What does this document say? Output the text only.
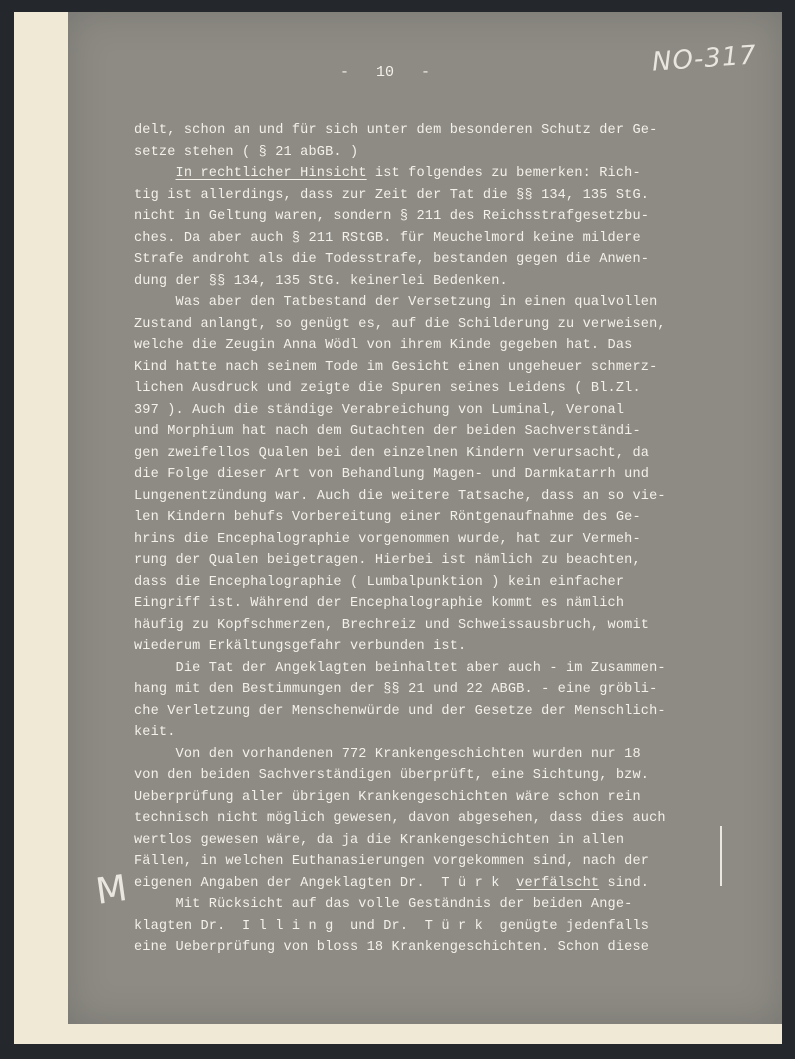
NO-317
-   10   -
delt, schon an und für sich unter dem besonderen Schutz der Ge-
setze stehen ( § 21 abGB. )
In rechtlicher Hinsicht ist folgendes zu bemerken: Rich-
tig ist allerdings, dass zur Zeit der Tat die §§ 134, 135 StG.
nicht in Geltung waren, sondern § 211 des Reichsstrafgesetzbu-
ches. Da aber auch § 211 RStGB. für Meuchelmord keine mildere
Strafe androht als die Todesstrafe, bestanden gegen die Anwen-
dung der §§ 134, 135 StG. keinerlei Bedenken.
Was aber den Tatbestand der Versetzung in einen qualvollen
Zustand anlangt, so genügt es, auf die Schilderung zu verweisen,
welche die Zeugin Anna Wödl von ihrem Kinde gegeben hat. Das
Kind hatte nach seinem Tode im Gesicht einen ungeheuer schmerz-
lichen Ausdruck und zeigte die Spuren seines Leidens ( Bl.Zl.
397 ). Auch die ständige Verabreichung von Luminal, Veronal
und Morphium hat nach dem Gutachten der beiden Sachverständi-
gen zweifellos Qualen bei den einzelnen Kindern verursacht, da
die Folge dieser Art von Behandlung Magen- und Darmkatarrh und
Lungenentzündung war. Auch die weitere Tatsache, dass an so vie-
len Kindern behufs Vorbereitung einer Röntgenaufnahme des Ge-
hrins die Encephalographie vorgenommen wurde, hat zur Vermeh-
rung der Qualen beigetragen. Hierbei ist nämlich zu beachten,
dass die Encephalographie ( Lumbalpunktion ) kein einfacher
Eingriff ist. Während der Encephalographie kommt es nämlich
häufig zu Kopfschmerzen, Brechreiz und Schweissausbruch, womit
wiederum Erkältungsgefahr verbunden ist.
Die Tat der Angeklagten beinhaltet aber auch - im Zusammen-
hang mit den Bestimmungen der §§ 21 und 22 ABGB. - eine gröbli-
che Verletzung der Menschenwürde und der Gesetze der Menschlich-
keit.
Von den vorhandenen 772 Krankengeschichten wurden nur 18
von den beiden Sachverständigen überprüft, eine Sichtung, bzw.
Ueberprüfung aller übrigen Krankengeschichten wäre schon rein
technisch nicht möglich gewesen, davon abgesehen, dass dies auch
wertlos gewesen wäre, da ja die Krankengeschichten in allen
Fällen, in welchen Euthanasierungen vorgekommen sind, nach der
eigenen Angaben der Angeklagten Dr.  T ü r k  verfälscht sind.
Mit Rücksicht auf das volle Geständnis der beiden Ange-
klagten Dr.  I l l i n g  und Dr.  T ü r k  genügte jedenfalls
eine Ueberprüfung von bloss 18 Krankengeschichten. Schon diese
M
